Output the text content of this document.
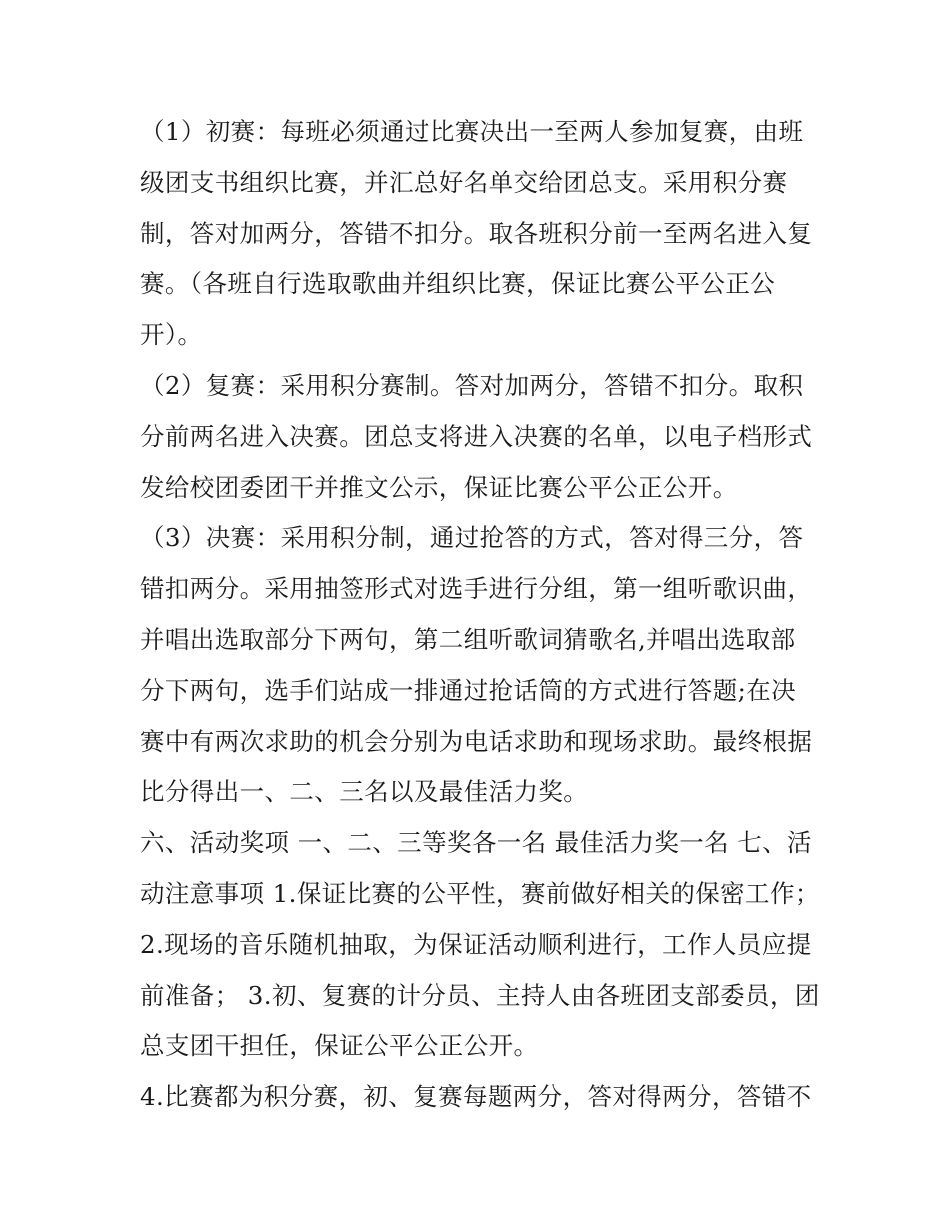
（1）初赛：每班必须通过比赛决出一至两人参加复赛，由班级团支书组织比赛，并汇总好名单交给团总支。采用积分赛制，答对加两分，答错不扣分。取各班积分前一至两名进入复赛。（各班自行选取歌曲并组织比赛，保证比赛公平公正公开）。

（2）复赛：采用积分赛制。答对加两分，答错不扣分。取积分前两名进入决赛。团总支将进入决赛的名单，以电子档形式发给校团委团干并推文公示，保证比赛公平公正公开。

（3）决赛：采用积分制，通过抢答的方式，答对得三分，答错扣两分。采用抽签形式对选手进行分组，第一组听歌识曲，并唱出选取部分下两句，第二组听歌词猜歌名,并唱出选取部分下两句，选手们站成一排通过抢话筒的方式进行答题;在决赛中有两次求助的机会分别为电话求助和现场求助。最终根据比分得出一、二、三名以及最佳活力奖。

六、活动奖项 一、二、三等奖各一名 最佳活力奖一名 七、活动注意事项 1.保证比赛的公平性，赛前做好相关的保密工作；2.现场的音乐随机抽取，为保证活动顺利进行，工作人员应提前准备； 3.初、复赛的计分员、主持人由各班团支部委员，团总支团干担任，保证公平公正公开。

4.比赛都为积分赛，初、复赛每题两分，答对得两分，答错不
